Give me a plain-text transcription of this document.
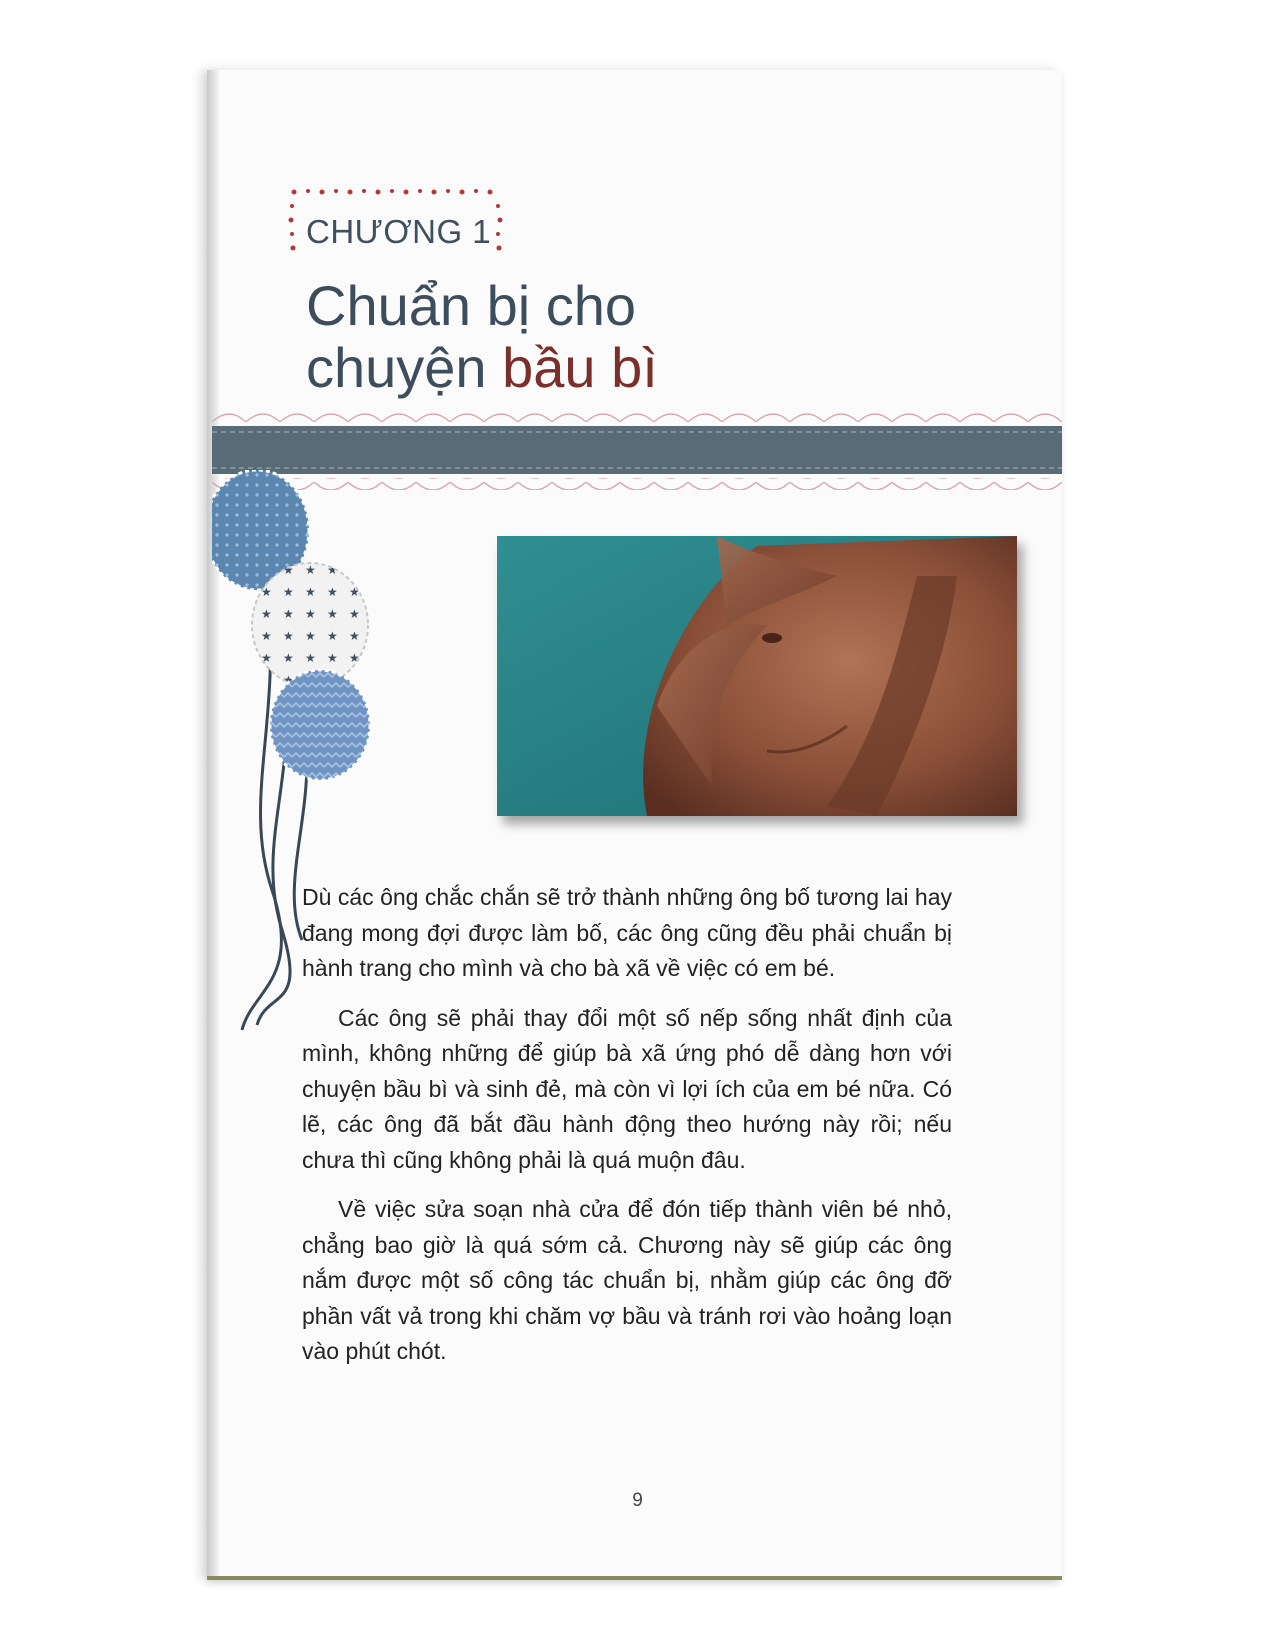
CHƯƠNG 1
Chuẩn bị cho
chuyện bầu bì

Dù các ông chắc chắn sẽ trở thành những ông bố tương lai hay đang mong đợi được làm bố, các ông cũng đều phải chuẩn bị hành trang cho mình và cho bà xã về việc có em bé.

Các ông sẽ phải thay đổi một số nếp sống nhất định của mình, không những để giúp bà xã ứng phó dễ dàng hơn với chuyện bầu bì và sinh đẻ, mà còn vì lợi ích của em bé nữa. Có lẽ, các ông đã bắt đầu hành động theo hướng này rồi; nếu chưa thì cũng không phải là quá muộn đâu.

Về việc sửa soạn nhà cửa để đón tiếp thành viên bé nhỏ, chẳng bao giờ là quá sớm cả. Chương này sẽ giúp các ông nắm được một số công tác chuẩn bị, nhằm giúp các ông đỡ phần vất vả trong khi chăm vợ bầu và tránh rơi vào hoảng loạn vào phút chót.

9
